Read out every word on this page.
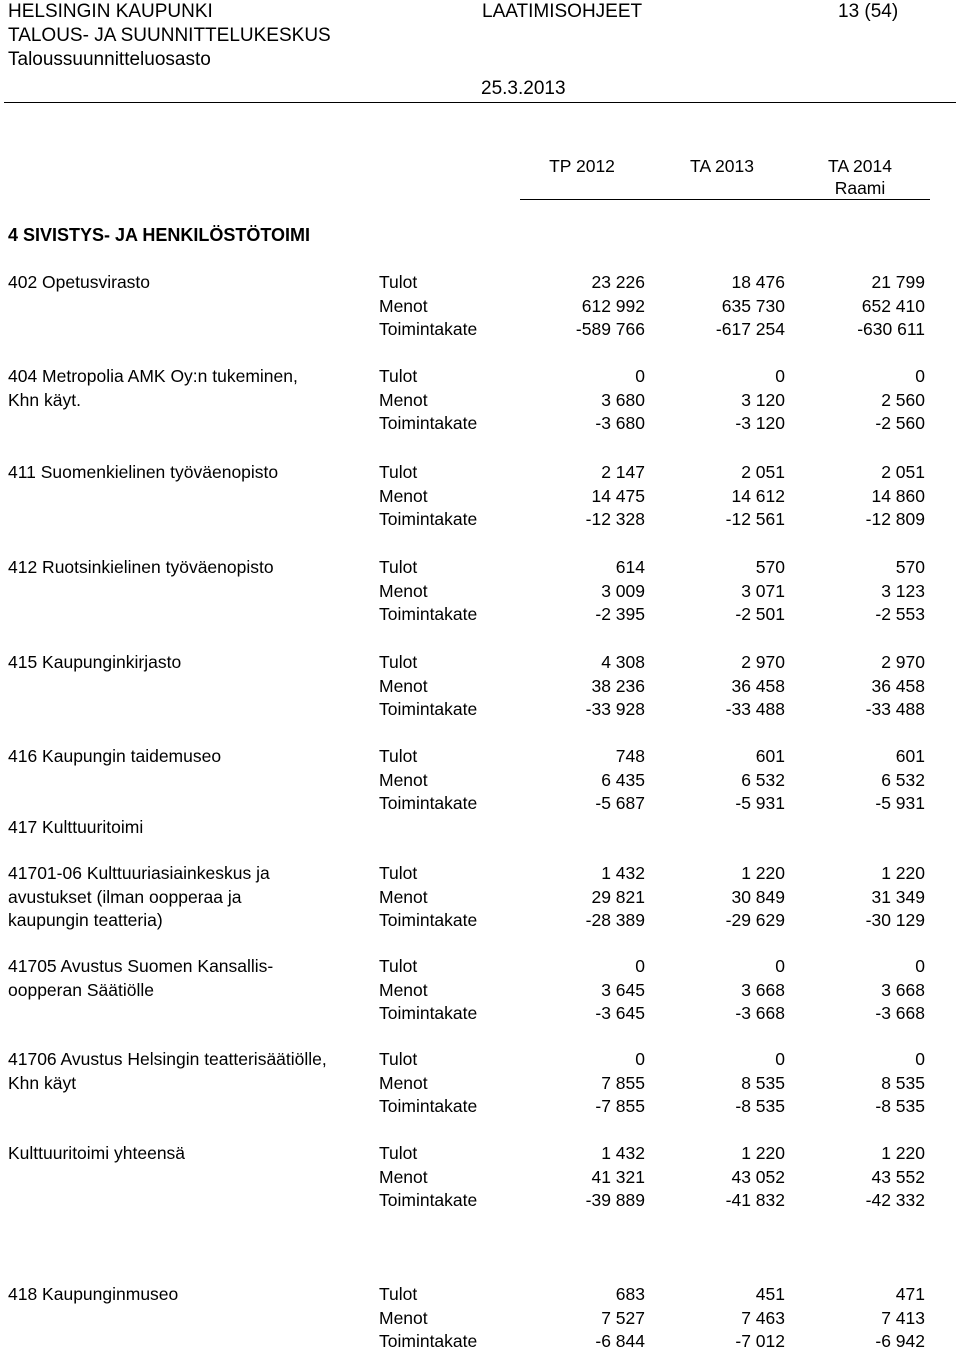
HELSINGIN KAUPUNKI
TALOUS- JA SUUNNITTELUKESKUS
Taloussuunnitteluosasto
LAATIMISOHJEET	13 (54)
25.3.2013
TP 2012	TA 2013	TA 2014
Raami
4 SIVISTYS- JA HENKILÖSTÖTOIMI
402 Opetusvirasto	Tulot	23 226	18 476	21 799
Menot	612 992	635 730	652 410
Toimintakate	-589 766	-617 254	-630 611
404 Metropolia AMK Oy:n tukeminen,
Khn käyt.
Tulot	0	0	0
Menot	3 680	3 120	2 560
Toimintakate	-3 680	-3 120	-2 560
411 Suomenkielinen työväenopisto	Tulot	2 147	2 051	2 051
Menot	14 475	14 612	14 860
Toimintakate	-12 328	-12 561	-12 809
412 Ruotsinkielinen työväenopisto	Tulot	614	570	570
Menot	3 009	3 071	3 123
Toimintakate	-2 395	-2 501	-2 553
415 Kaupunginkirjasto	Tulot	4 308	2 970	2 970
Menot	38 236	36 458	36 458
Toimintakate	-33 928	-33 488	-33 488
416 Kaupungin taidemuseo	Tulot	748	601	601
Menot	6 435	6 532	6 532
Toimintakate	-5 687	-5 931	-5 931
41701-06 Kulttuuriasiainkeskus ja
avustukset (ilman oopperaa ja
kaupungin teatteria)
Tulot	1 432	1 220	1 220
Menot	29 821	30 849	31 349
Toimintakate	-28 389	-29 629	-30 129
41705 Avustus Suomen Kansallis-
oopperan Säätiölle
Tulot	0	0	0
Menot	3 645	3 668	3 668
Toimintakate	-3 645	-3 668	-3 668
41706 Avustus Helsingin teatterisäätiölle,
Khn käyt
Tulot	0	0	0
Menot	7 855	8 535	8 535
Toimintakate	-7 855	-8 535	-8 535
Kulttuuritoimi yhteensä	Tulot	1 432	1 220	1 220
Menot	41 321	43 052	43 552
Toimintakate	-39 889	-41 832	-42 332
418 Kaupunginmuseo	Tulot	683	451	471
Menot	7 527	7 463	7 413
Toimintakate	-6 844	-7 012	-6 942
417 Kulttuuritoimi
